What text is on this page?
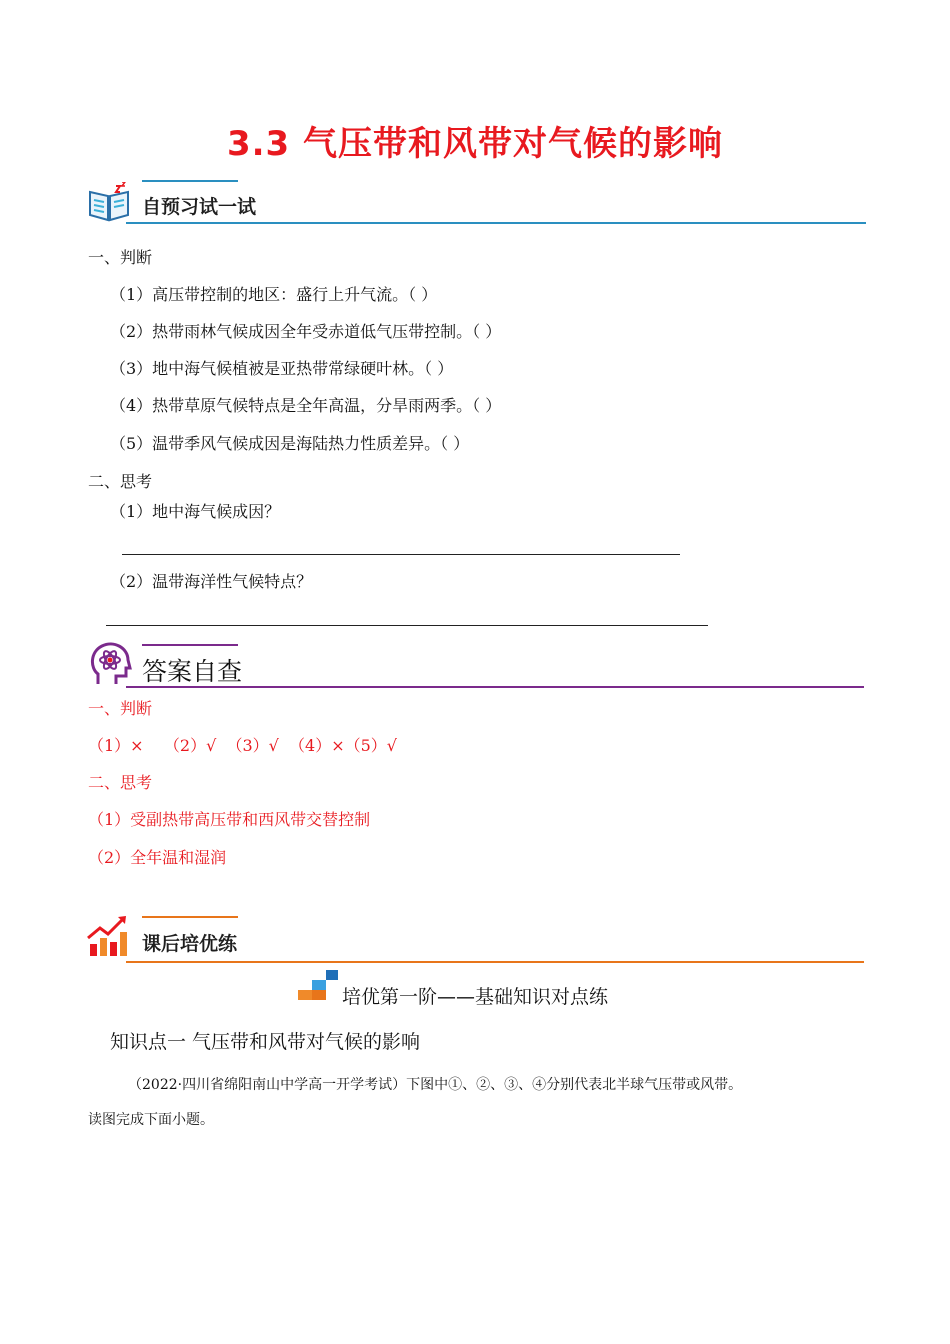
3.3 气压带和风带对气候的影响
自预习试一试
一、判断
（1）高压带控制的地区：盛行上升气流。（ ）
（2）热带雨林气候成因全年受赤道低气压带控制。（ ）
（3）地中海气候植被是亚热带常绿硬叶林。（ ）
（4）热带草原气候特点是全年高温，分旱雨两季。（ ）
（5）温带季风气候成因是海陆热力性质差异。（ ）
二、思考
（1）地中海气候成因？
（2）温带海洋性气候特点？
答案自查
一、判断
（1）×    （2）√  （3）√  （4）×（5）√
二、思考
（1）受副热带高压带和西风带交替控制
（2）全年温和湿润
课后培优练
培优第一阶——基础知识对点练
知识点一 气压带和风带对气候的影响
（2022·四川省绵阳南山中学高一开学考试）下图中①、②、③、④分别代表北半球气压带或风带。
读图完成下面小题。
